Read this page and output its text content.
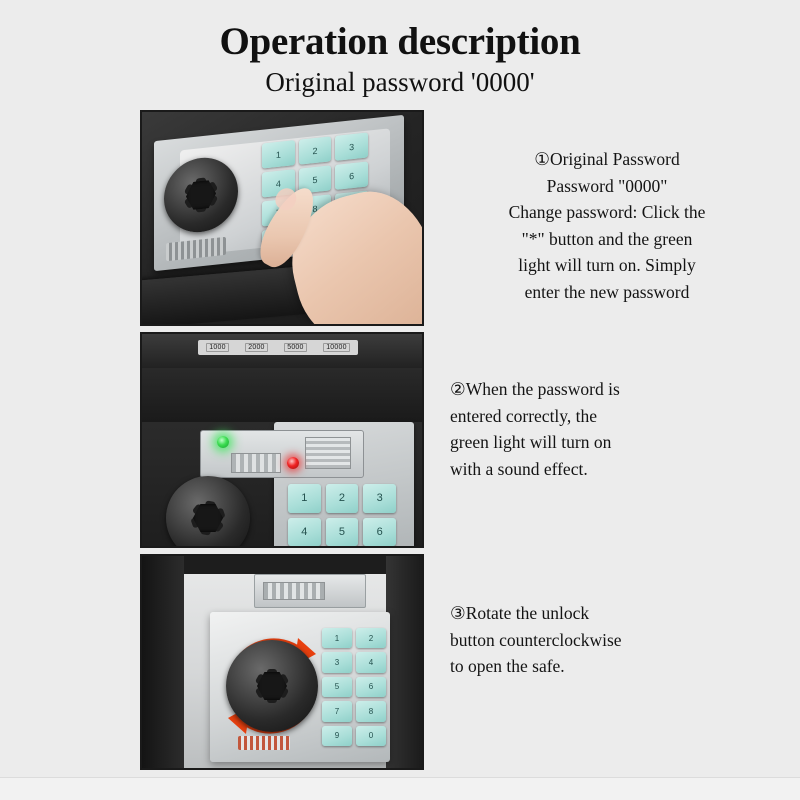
Operation description
Original password '0000'
1	2	3
4	5	6
8

①Original Password

Password "0000"

Change password: Click the

"*" button and the green

light will turn on. Simply

enter the new password

1000	2000	5000	10000
1	2	3
4	5	6

②When the password is

entered correctly, the

green light will turn on

with a sound effect.

1	2
3	4
5	6
7	8
9	0

③Rotate the unlock

button counterclockwise

to open the safe.
